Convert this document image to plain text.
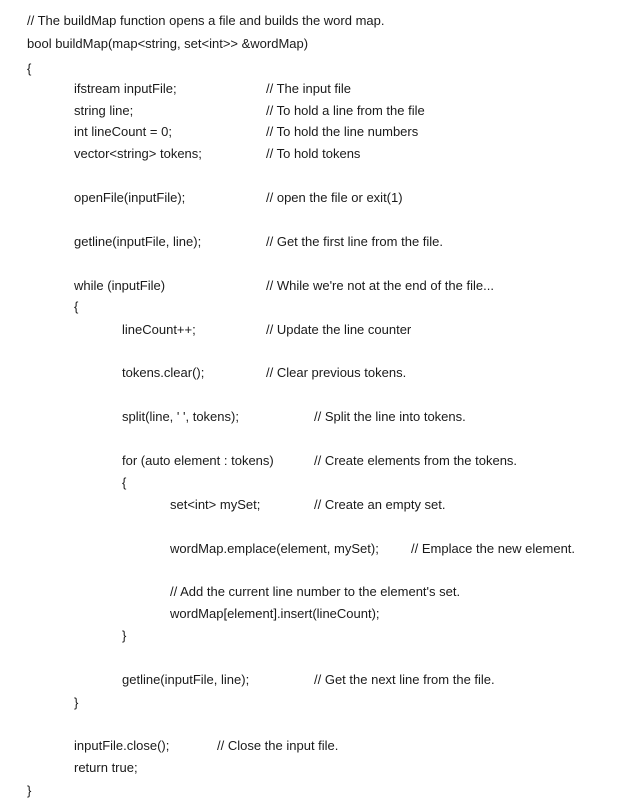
// The buildMap function opens a file and builds the word map.
bool buildMap(map<string, set<int>> &wordMap)
{
ifstream inputFile;	// The input file
string line;	// To hold a line from the file
int lineCount = 0;	// To hold the line numbers
vector<string> tokens;	// To hold tokens
openFile(inputFile);	// open the file or exit(1)
getline(inputFile, line);	// Get the first line from the file.
while (inputFile)	// While we're not at the end of the file...
{
lineCount++;	// Update the line counter
tokens.clear();	// Clear previous tokens.
split(line, ' ', tokens);	// Split the line into tokens.
for (auto element : tokens)	// Create elements from the tokens.
{
set<int> mySet;	// Create an empty set.
wordMap.emplace(element, mySet); // Emplace the new element.
// Add the current line number to the element's set.
wordMap[element].insert(lineCount);
}
getline(inputFile, line);	// Get the next line from the file.
}
inputFile.close();	// Close the input file.
return true;
}
